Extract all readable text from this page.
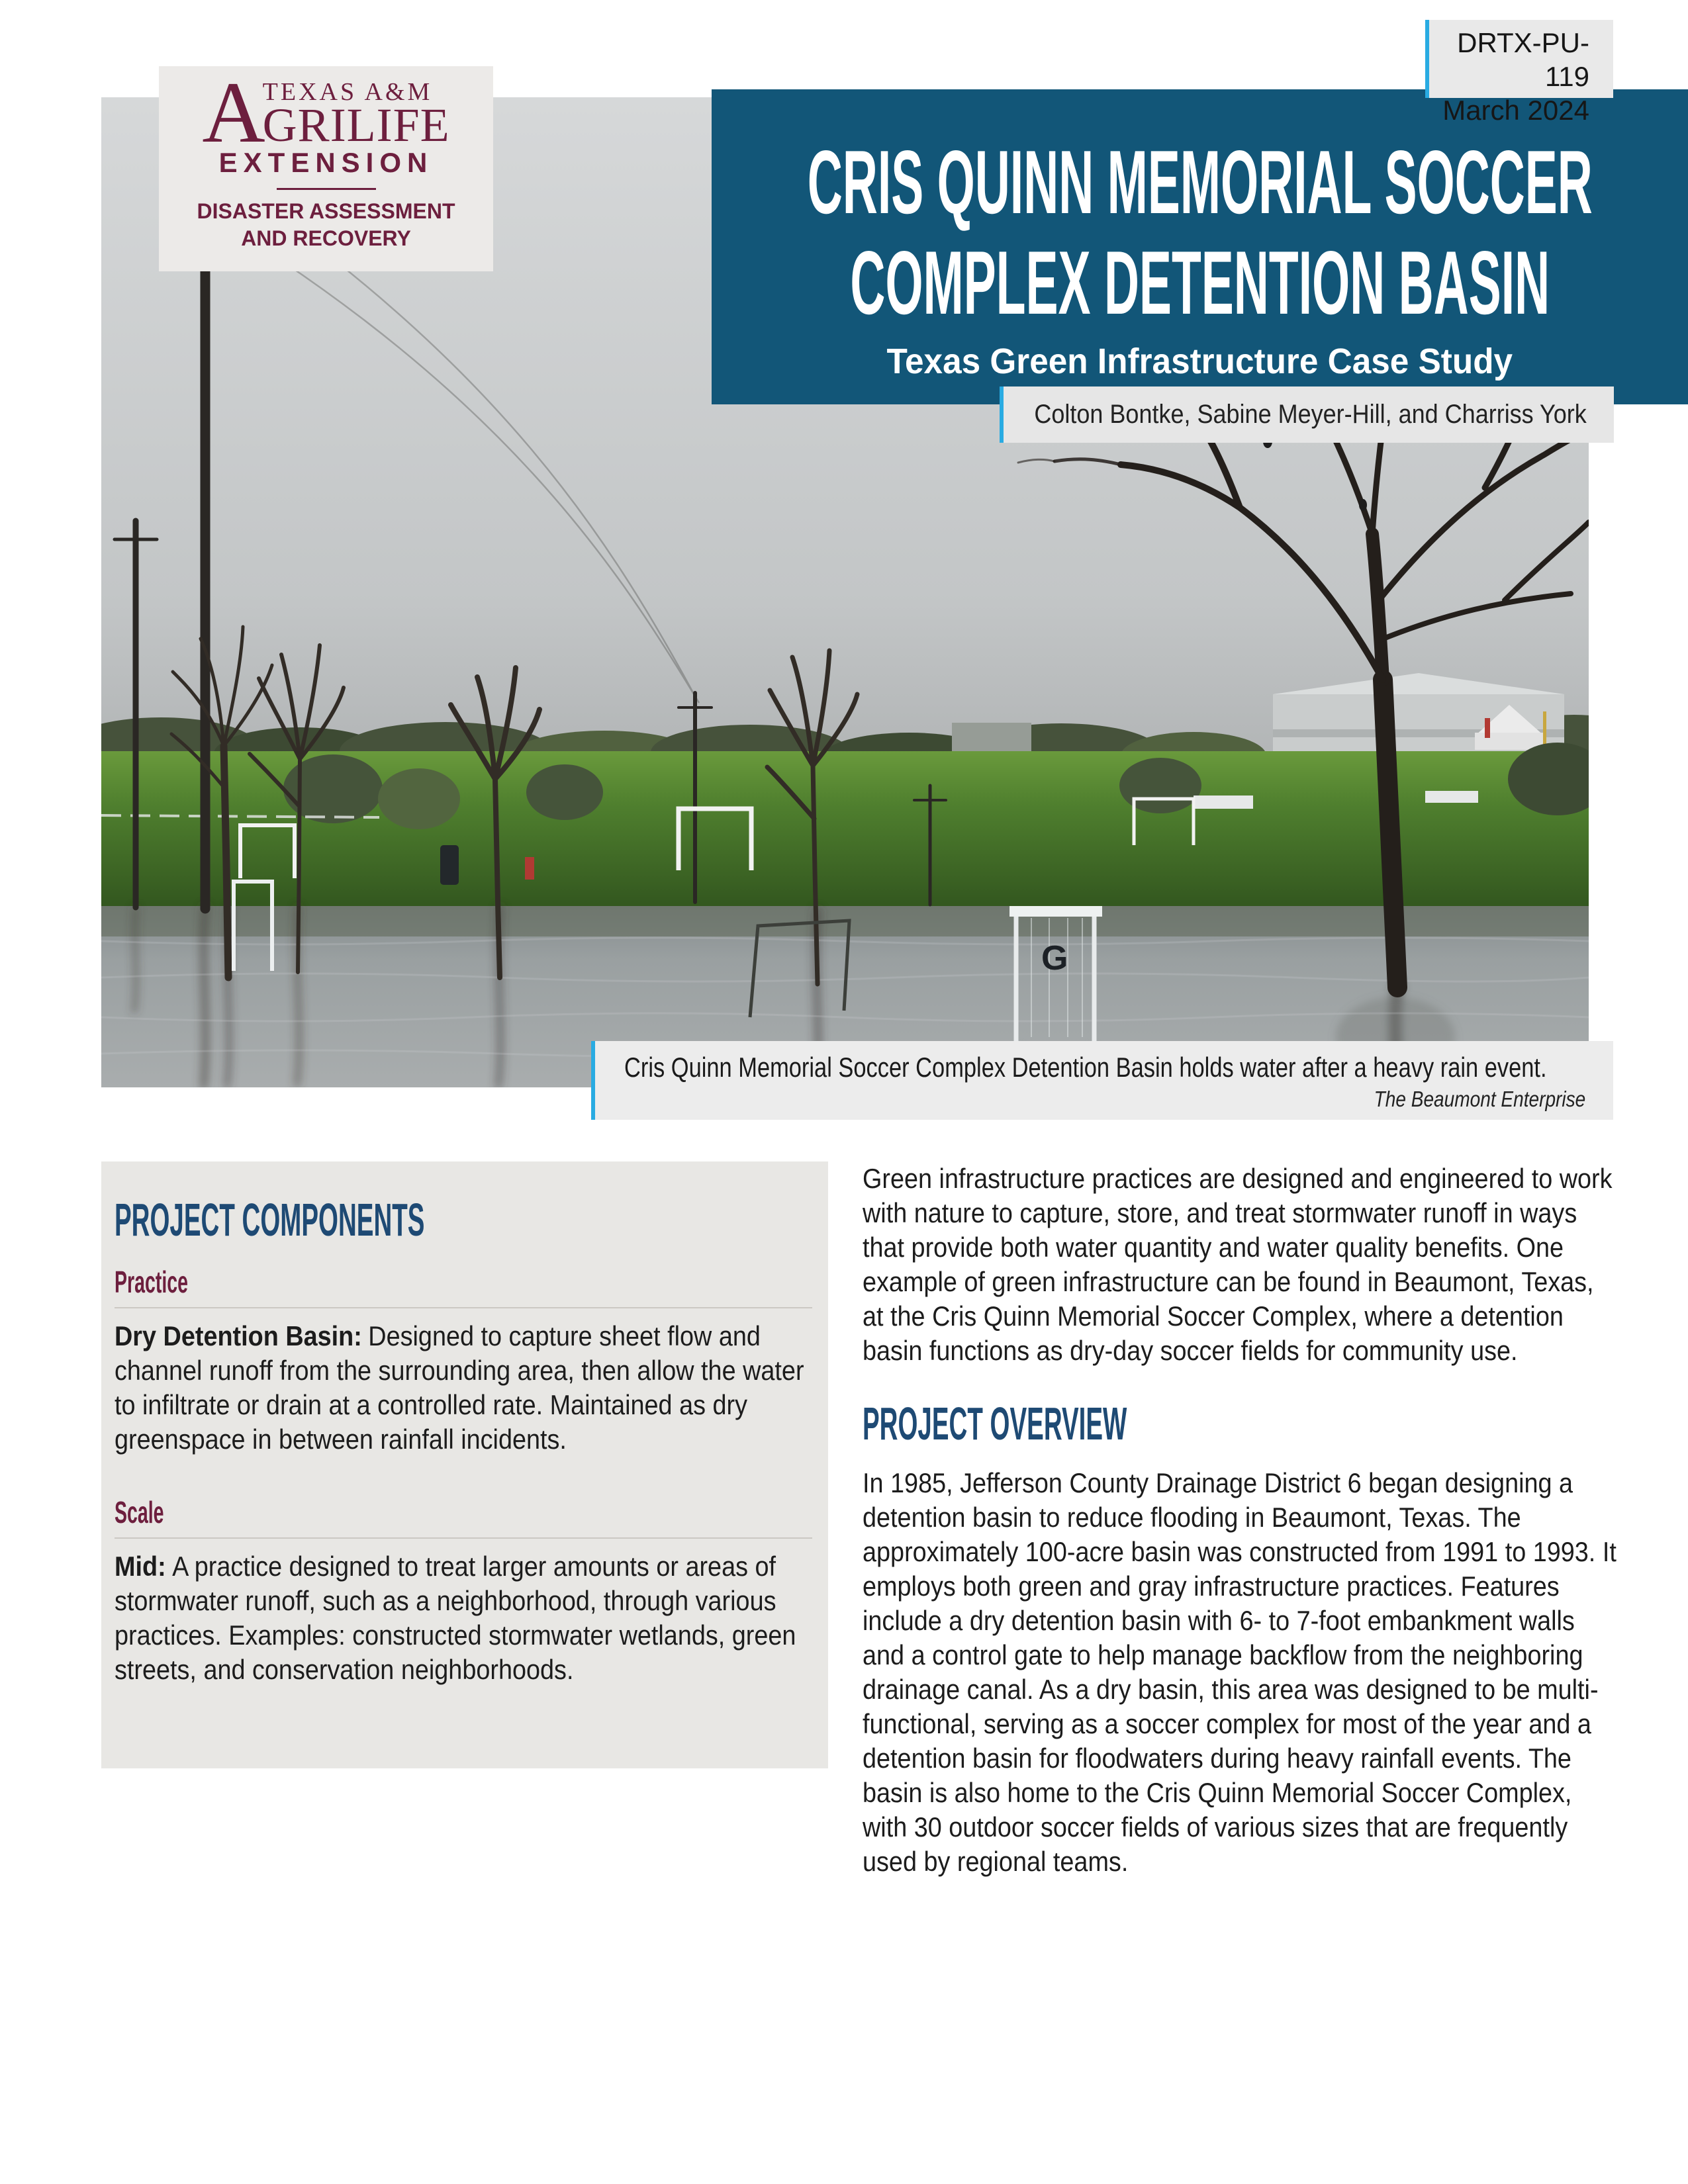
G
DRTX-PU-119
March 2024
CRIS QUINN MEMORIAL SOCCER COMPLEX DETENTION BASIN
Texas Green Infrastructure Case Study
Colton Bontke, Sabine Meyer-Hill, and Charriss York
A
TEXAS A&M
GRILIFE
EXTENSION
DISASTER ASSESSMENT
AND RECOVERY
Cris Quinn Memorial Soccer Complex Detention Basin holds water after a heavy rain event.
The Beaumont Enterprise
PROJECT COMPONENTS
Practice

Dry Detention Basin: Designed to capture sheet flow and channel runoff from the surrounding area, then allow the water to infiltrate or drain at a controlled rate. Maintained as dry greenspace in between rainfall incidents.

Scale

Mid: A practice designed to treat larger amounts or areas of stormwater runoff, such as a neighborhood, through various practices. Examples: constructed stormwater wetlands, green streets, and conservation neighborhoods.

Green infrastructure practices are designed and engineered to work with nature to capture, store, and treat stormwater runoff in ways that provide both water quantity and water quality benefits. One example of green infrastructure can be found in Beaumont, Texas, at the Cris Quinn Memorial Soccer Complex, where a detention basin functions as dry-day soccer fields for community use.

PROJECT OVERVIEW

In 1985, Jefferson County Drainage District 6 began designing a detention basin to reduce flooding in Beaumont, Texas. The approximately 100-acre basin was constructed from 1991 to 1993. It employs both green and gray infrastructure practices. Features include a dry detention basin with 6- to 7-foot embankment walls and a control gate to help manage backflow from the neighboring drainage canal. As a dry basin, this area was designed to be multi-functional, serving as a soccer complex for most of the year and a detention basin for floodwaters during heavy rainfall events. The basin is also home to the Cris Quinn Memorial Soccer Complex, with 30 outdoor soccer fields of various sizes that are frequently used by regional teams.
